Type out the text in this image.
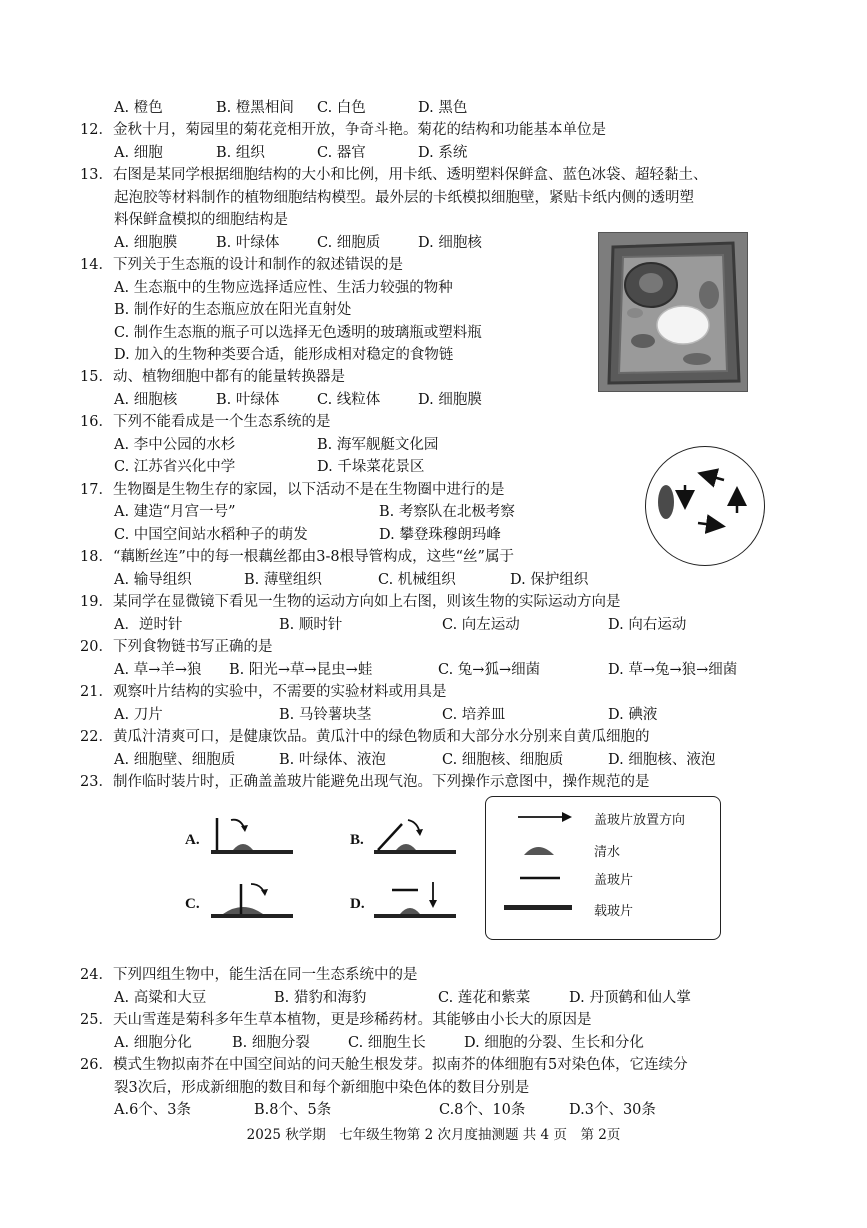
A. 橙色	B. 橙黑相间 C. 白色	D. 黑色
12．金秋十月，菊园里的菊花竞相开放，争奇斗艳。菊花的结构和功能基本单位是
A. 细胞	B. 组织	C. 器官	D. 系统
13．右图是某同学根据细胞结构的大小和比例，用卡纸、透明塑料保鲜盒、蓝色冰袋、超轻黏土、
起泡胶等材料制作的植物细胞结构模型。最外层的卡纸模拟细胞壁，紧贴卡纸内侧的透明塑
料保鲜盒模拟的细胞结构是
A. 细胞膜	B. 叶绿体	C. 细胞质	D. 细胞核
14．下列关于生态瓶的设计和制作的叙述错误的是
A. 生态瓶中的生物应选择适应性、生活力较强的物种
B. 制作好的生态瓶应放在阳光直射处
C. 制作生态瓶的瓶子可以选择无色透明的玻璃瓶或塑料瓶
D. 加入的生物种类要合适，能形成相对稳定的食物链
15．动、植物细胞中都有的能量转换器是
A. 细胞核	B. 叶绿体	C. 线粒体	D. 细胞膜
16．下列不能看成是一个生态系统的是
A. 李中公园的水杉	B. 海军舰艇文化园
C. 江苏省兴化中学	D. 千垛菜花景区
17．生物圈是生物生存的家园，以下活动不是在生物圈中进行的是
A. 建造“月宫一号”	B. 考察队在北极考察
C. 中国空间站水稻种子的萌发	D. 攀登珠穆朗玛峰
18．“藕断丝连”中的每一根藕丝都由3-8根导管构成，这些“丝”属于
A. 输导组织	B. 薄壁组织	C. 机械组织	D. 保护组织
19．某同学在显微镜下看见一生物的运动方向如上右图，则该生物的实际运动方向是
A．逆时针	B. 顺时针	C. 向左运动	D. 向右运动
20．下列食物链书写正确的是
A. 草→羊→狼 B. 阳光→草→昆虫→蛙	C. 兔→狐→细菌	D. 草→兔→狼→细菌
21．观察叶片结构的实验中，不需要的实验材料或用具是
A. 刀片	B. 马铃薯块茎	C. 培养皿	D. 碘液
22．黄瓜汁清爽可口，是健康饮品。黄瓜汁中的绿色物质和大部分水分别来自黄瓜细胞的
A. 细胞壁、细胞质	B. 叶绿体、液泡	C. 细胞核、细胞质	D. 细胞核、液泡
23．制作临时装片时，正确盖盖玻片能避免出现气泡。下列操作示意图中，操作规范的是
A.	B.
C.	D.
盖玻片放置方向
清水
盖玻片
载玻片
24．下列四组生物中，能生活在同一生态系统中的是
A. 高粱和大豆	B. 猎豹和海豹	C. 莲花和紫菜	D. 丹顶鹤和仙人掌
25．天山雪莲是菊科多年生草本植物，更是珍稀药材。其能够由小长大的原因是
A. 细胞分化	B. 细胞分裂	C. 细胞生长	D. 细胞的分裂、生长和分化
26．模式生物拟南芥在中国空间站的问天舱生根发芽。拟南芥的体细胞有5对染色体，它连续分
裂3次后，形成新细胞的数目和每个新细胞中染色体的数目分别是
A.6个、3条	B.8个、5条	C.8个、10条	D.3个、30条
2025 秋学期　七年级生物第 2 次月度抽测题 共 4 页　第 2页
